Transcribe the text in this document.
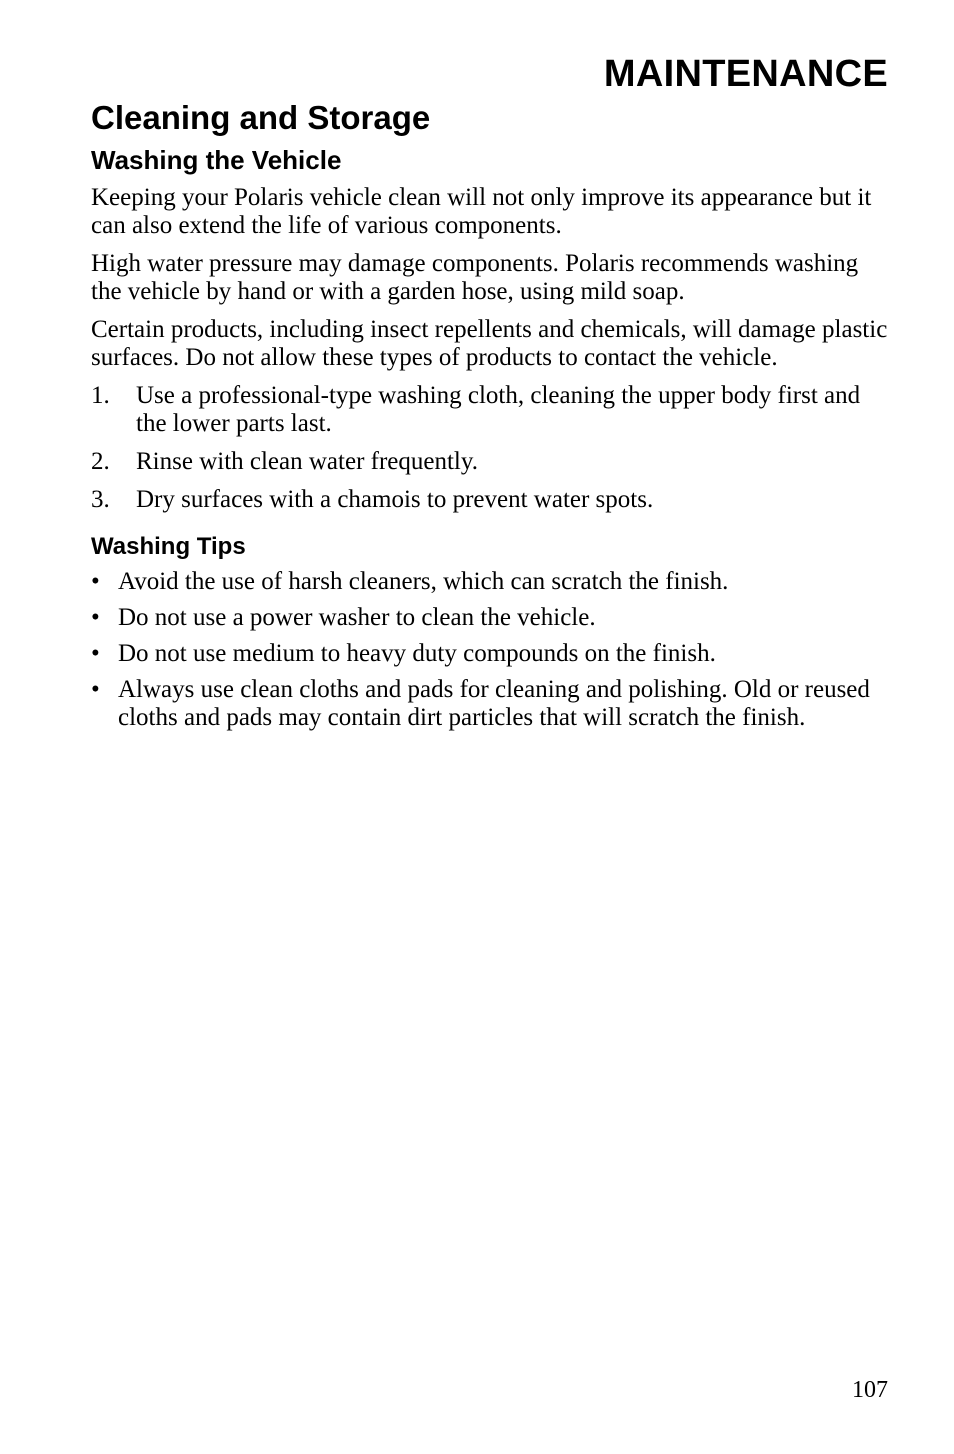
MAINTENANCE
Cleaning and Storage
Washing the Vehicle

Keeping your Polaris vehicle clean will not only improve its appearance but it can also extend the life of various components.

High water pressure may damage components. Polaris recommends washing the vehicle by hand or with a garden hose, using mild soap.

Certain products, including insect repellents and chemicals, will damage plastic surfaces. Do not allow these types of products to contact the vehicle.

1. Use a professional-type washing cloth, cleaning the upper body first and the lower parts last.
2. Rinse with clean water frequently.
3. Dry surfaces with a chamois to prevent water spots.
Washing Tips
• Avoid the use of harsh cleaners, which can scratch the finish.
• Do not use a power washer to clean the vehicle.
• Do not use medium to heavy duty compounds on the finish.
• Always use clean cloths and pads for cleaning and polishing. Old or reused cloths and pads may contain dirt particles that will scratch the finish.

107
